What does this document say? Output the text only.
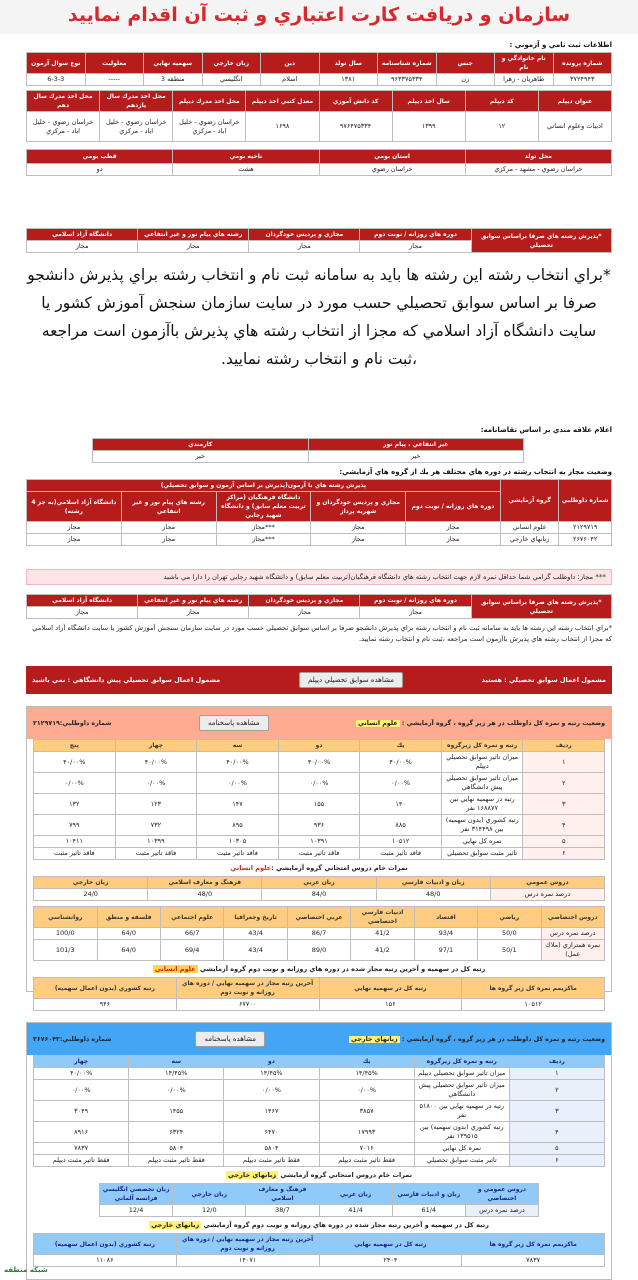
سازمان و دریافت کارت اعتباري و ثبت آن اقدام نمایید
اطلاعات ثبت نامي و آزموني :
شماره پرونده	نام خانوادگي و نام	جنس	شماره شناسنامه	سال تولد	دين	زبان خارجي	سهميه نهايي	معلوليت	نوع سوال آزمون
۳۷۲۴۹۴۳	طاهريان - زهرا	زن	۹۶۳۳۷۵۳۳۴	۱۳۸۱	اسلام	انگليسي	منطقه 3	-----	6-3-3
عنوان ديپلم	كد ديپلم	سال اخذ ديپلم	كد دانش آموزي	معدل كتبي اخذ ديپلم	محل اخذ مدرك ديپلم	محل اخذ مدرك سال يازدهم	محل اخذ مدرك سال دهم
ادبيات وعلوم انساني	۱۲	۱۳۹۹	۹۷۶۴۷۵۳۳۴	۱۶۹۸	خراسان رضوي - خليل اباد - مركزي	خراسان رضوي - خليل اباد - مركزي	خراسان رضوي - خليل اباد - مركزي
محل تولد	استان بومي	ناحيه بومي	قطب بومي
خراسان رضوي - مشهد - مركزي	خراسان رضوي	هشت	دو
*پذيرش رشته هاي صرفا براساس سوابق تحصيلي	دوره هاي روزانه / نوبت دوم	مجازي و پرديس خودگردان	رشته هاي پيام نور و غير انتفاعي	دانشگاه آزاد اسلامي
	مجاز	مجاز	مجاز	مجاز
*براي انتخاب رشته اين رشته ها بايد به سامانه ثبت نام و انتخاب رشته براي پذيرش دانشجو صرفا بر اساس سوابق تحصيلي حسب مورد در سايت سازمان سنجش آموزش كشور يا سايت دانشگاه آزاد اسلامي كه مجزا از انتخاب رشته هاي پذيرش باآزمون است مراجعه ،ثبت نام و انتخاب رشته نماييد.
اعلام علاقه مندي بر اساس تقاضانامه:
غير انتفاعي ، پيام نور	كارمندي
خير	خير
وضعيت مجاز به انتخاب رشته در دوره هاي مختلف هر يك از گروه هاي آزمايشي:
شماره داوطلبي	گروه آزمايشي	پذيرش رشته هاي با آزمون(پذيرش بر اساس آزمون و سوابق تحصيلي)				
		دوره هاي روزانه / نوبت دوم	مجازي و پرديس خودگردان و شهريه پرداز	دانشگاه فرهنگيان (مراكز تربيت معلم سابق) و دانشگاه شهيد رجايي	رشته هاي پيام نور و غير انتفاعي	دانشگاه آزاد اسلامي(به جز 4 رشته)
۲۱۲۹۷۱۹	علوم انساني	مجاز	مجاز	***مجاز	مجاز	مجاز
۲۶۷۶۰۴۲	زبانهاي خارجي	مجاز	مجاز	***مجاز	مجاز	مجاز
*** مجاز: داوطلب گرامي شما حداقل نمره لازم جهت انتخاب رشته هاي دانشگاه فرهنگيان(تربيت معلم سابق) و دانشگاه شهيد رجايي تهران را دارا مي باشيد
*پذيرش رشته هاي صرفا براساس سوابق تحصيلي	دوره هاي روزانه / نوبت دوم	مجازي و پرديس خودگردان	رشته هاي پيام نور و غير انتفاعي	دانشگاه آزاد اسلامي
	مجاز	مجاز	مجاز	مجاز
*براي انتخاب رشته اين رشته ها بايد به سامانه ثبت نام و انتخاب رشته براي پذيرش دانشجو صرفا بر اساس سوابق تحصيلي حسب مورد در سايت سازمان سنجش آموزش كشور يا سايت دانشگاه آزاد اسلامي كه مجزا از انتخاب رشته هاي پذيرش باآزمون است مراجعه ،ثبت نام و انتخاب رشته نماييد.
مشمول اعمال سوابق تحصيلي : هستيد
مشاهده سوابق تحصيلي ديپلم
مشمول اعمال سوابق تحصيلي پيش دانشگاهي : نمي باشيد
وضعيت رتبه و نمره كل داوطلب در هر زير گروه ، گروه آزمايشي : علوم انساني
مشاهده پاسخنامه
شماره داوطلبي:۲۱۲۹۷۱۹
رديف	رتبه و نمره كل زيرگروه	يك	دو	سه	چهار	پنج
۱	ميزان تاثير سوابق تحصيلي ديپلم	۴۰/۰۰%	۴۰/۰۰%	۴۰/۰۰%	۴۰/۰۰%	۴۰/۰۰%
۲	ميزان تاثير سوابق تحصيلي پيش دانشگاهي	۰/۰۰%	۰/۰۰%	۰/۰۰%	۰/۰۰%	۰/۰۰%
۳	رتبه در سهميه نهايي بين ۱۶۸۸۷۷ نفر	۱۴۰	۱۵۵	۱۴۷	۱۲۳	۱۳۲
۴	رتبه كشوري (بدون سهميه) بين ۳۱۴۴۹۸ نفر	۸۸۵	۹۳۶	۸۹۵	۷۳۲	۷۹۹
۵	نمره كل نهايي	۱۰۵۱۲	۱۰۳۹۱	۱۰۳۰۵	۱۰۳۹۹	۱۰۴۱۱
۶	تاثير مثبت سوابق تحصيلي	فاقد تاثير مثبت	فاقد تاثير مثبت	فاقد تاثير مثبت	فاقد تاثير مثبت	فاقد تاثير مثبت
نمرات خام دروس امتحاني گروه آزمايشي :علوم انساني
دروس عمومي	زبان و ادبيات فارسي	زبان عربي	فرهنگ و معارف اسلامي	زبان خارجي
درصد نمره درس	48/0	84/0	48/0	24/0
دروس اختصاصي	رياضي	اقتصاد	ادبيات فارسي اختصاصي	عربي اختصاصي	تاريخ وجغرافيا	علوم اجتماعي	فلسفه و منطق	روانشناسي
درصد نمره درس	50/0	93/4	41/2	86/7	43/4	66/7	64/0	100/0
نمره همترازي (ملاك عمل)	50/1	97/1	41/2	89/0	43/4	69/4	64/0	101/3
رتبه كل در سهميه و آخرين رتبه مجاز شده در دوره هاي روزانه و نوبت دوم گروه آزمايشي علوم انساني
ماكزيمم نمره كل زير گروه ها	رتبه كل در سهميه نهايي	آخرين رتبه مجاز در سهميه نهايي / دوره هاي روزانه و نوبت دوم	رتبه كشوري (بدون اعمال سهميه)
۱۰۵۱۲	۱۵۶	۶۷۷۰۰	۹۴۶
وضعيت رتبه و نمره كل داوطلب در هر زير گروه ، گروه آزمايشي : زبانهاي خارجي
مشاهده پاسخنامه
شماره داوطلبي:۲۶۷۶۰۴۲
رديف	رتبه و نمره كل زيرگروه	يك	دو	سه	چهار
۱	ميزان تاثير سوابق تحصيلي ديپلم	۱۴/۴۵%	۱۴/۴۵%	۱۴/۴۵%	۴۰/۰۰%
۲	ميزان تاثير سوابق تحصيلي پيش دانشگاهي	۰/۰۰%	۰/۰۰%	۰/۰۰%	۰/۰۰%
۳	رتبه در سهميه نهايي بين ۵۱۸۰۰ نفر	۳۸۵۷	۱۴۶۷	۱۴۵۵	۳۰۴۹
۴	رتبه كشوري (بدون سهميه) بين ۱۳۹۵۱۵ نفر	۱۷۹۹۳	۶۴۷۰	۶۳۲۴	۸۹۱۶
۵	نمره كل نهايي	۷۰۱۶	۵۸۰۴	۵۸۰۴	۷۸۳۷
۶	تاثير مثبت سوابق تحصيلي	فقط تاثير مثبت ديپلم	فقط تاثير مثبت ديپلم	فقط تاثير مثبت ديپلم	فقط تاثير مثبت ديپلم
نمرات خام دروس امتحاني گروه آزمايشي زبانهاي خارجي
دروس عمومي و اختصاصي	زبان و ادبيات فارسي	زبان عربي	فرهنگ و معارف اسلامي	زبان خارجي	زبان تخصصي انگليسي فرانسه آلماني
درصد نمره درس	61/4	41/4	38/7	12/0	12/4
رتبه كل در سهميه و آخرين رتبه مجاز شده در دوره هاي روزانه و نوبت دوم گروه آزمايشي زبانهاي خارجي
ماكزيمم نمره كل زير گروه ها	رتبه كل در سهميه نهايي	آخرين رتبه مجاز در سهميه نهايي / دوره هاي روزانه و نوبت دوم	رتبه كشوري (بدون اعمال سهميه)
۷۸۳۷	۲۴۰۴	۱۴۰۷۱	۱۱۰۸۶
شبکه منطقه
